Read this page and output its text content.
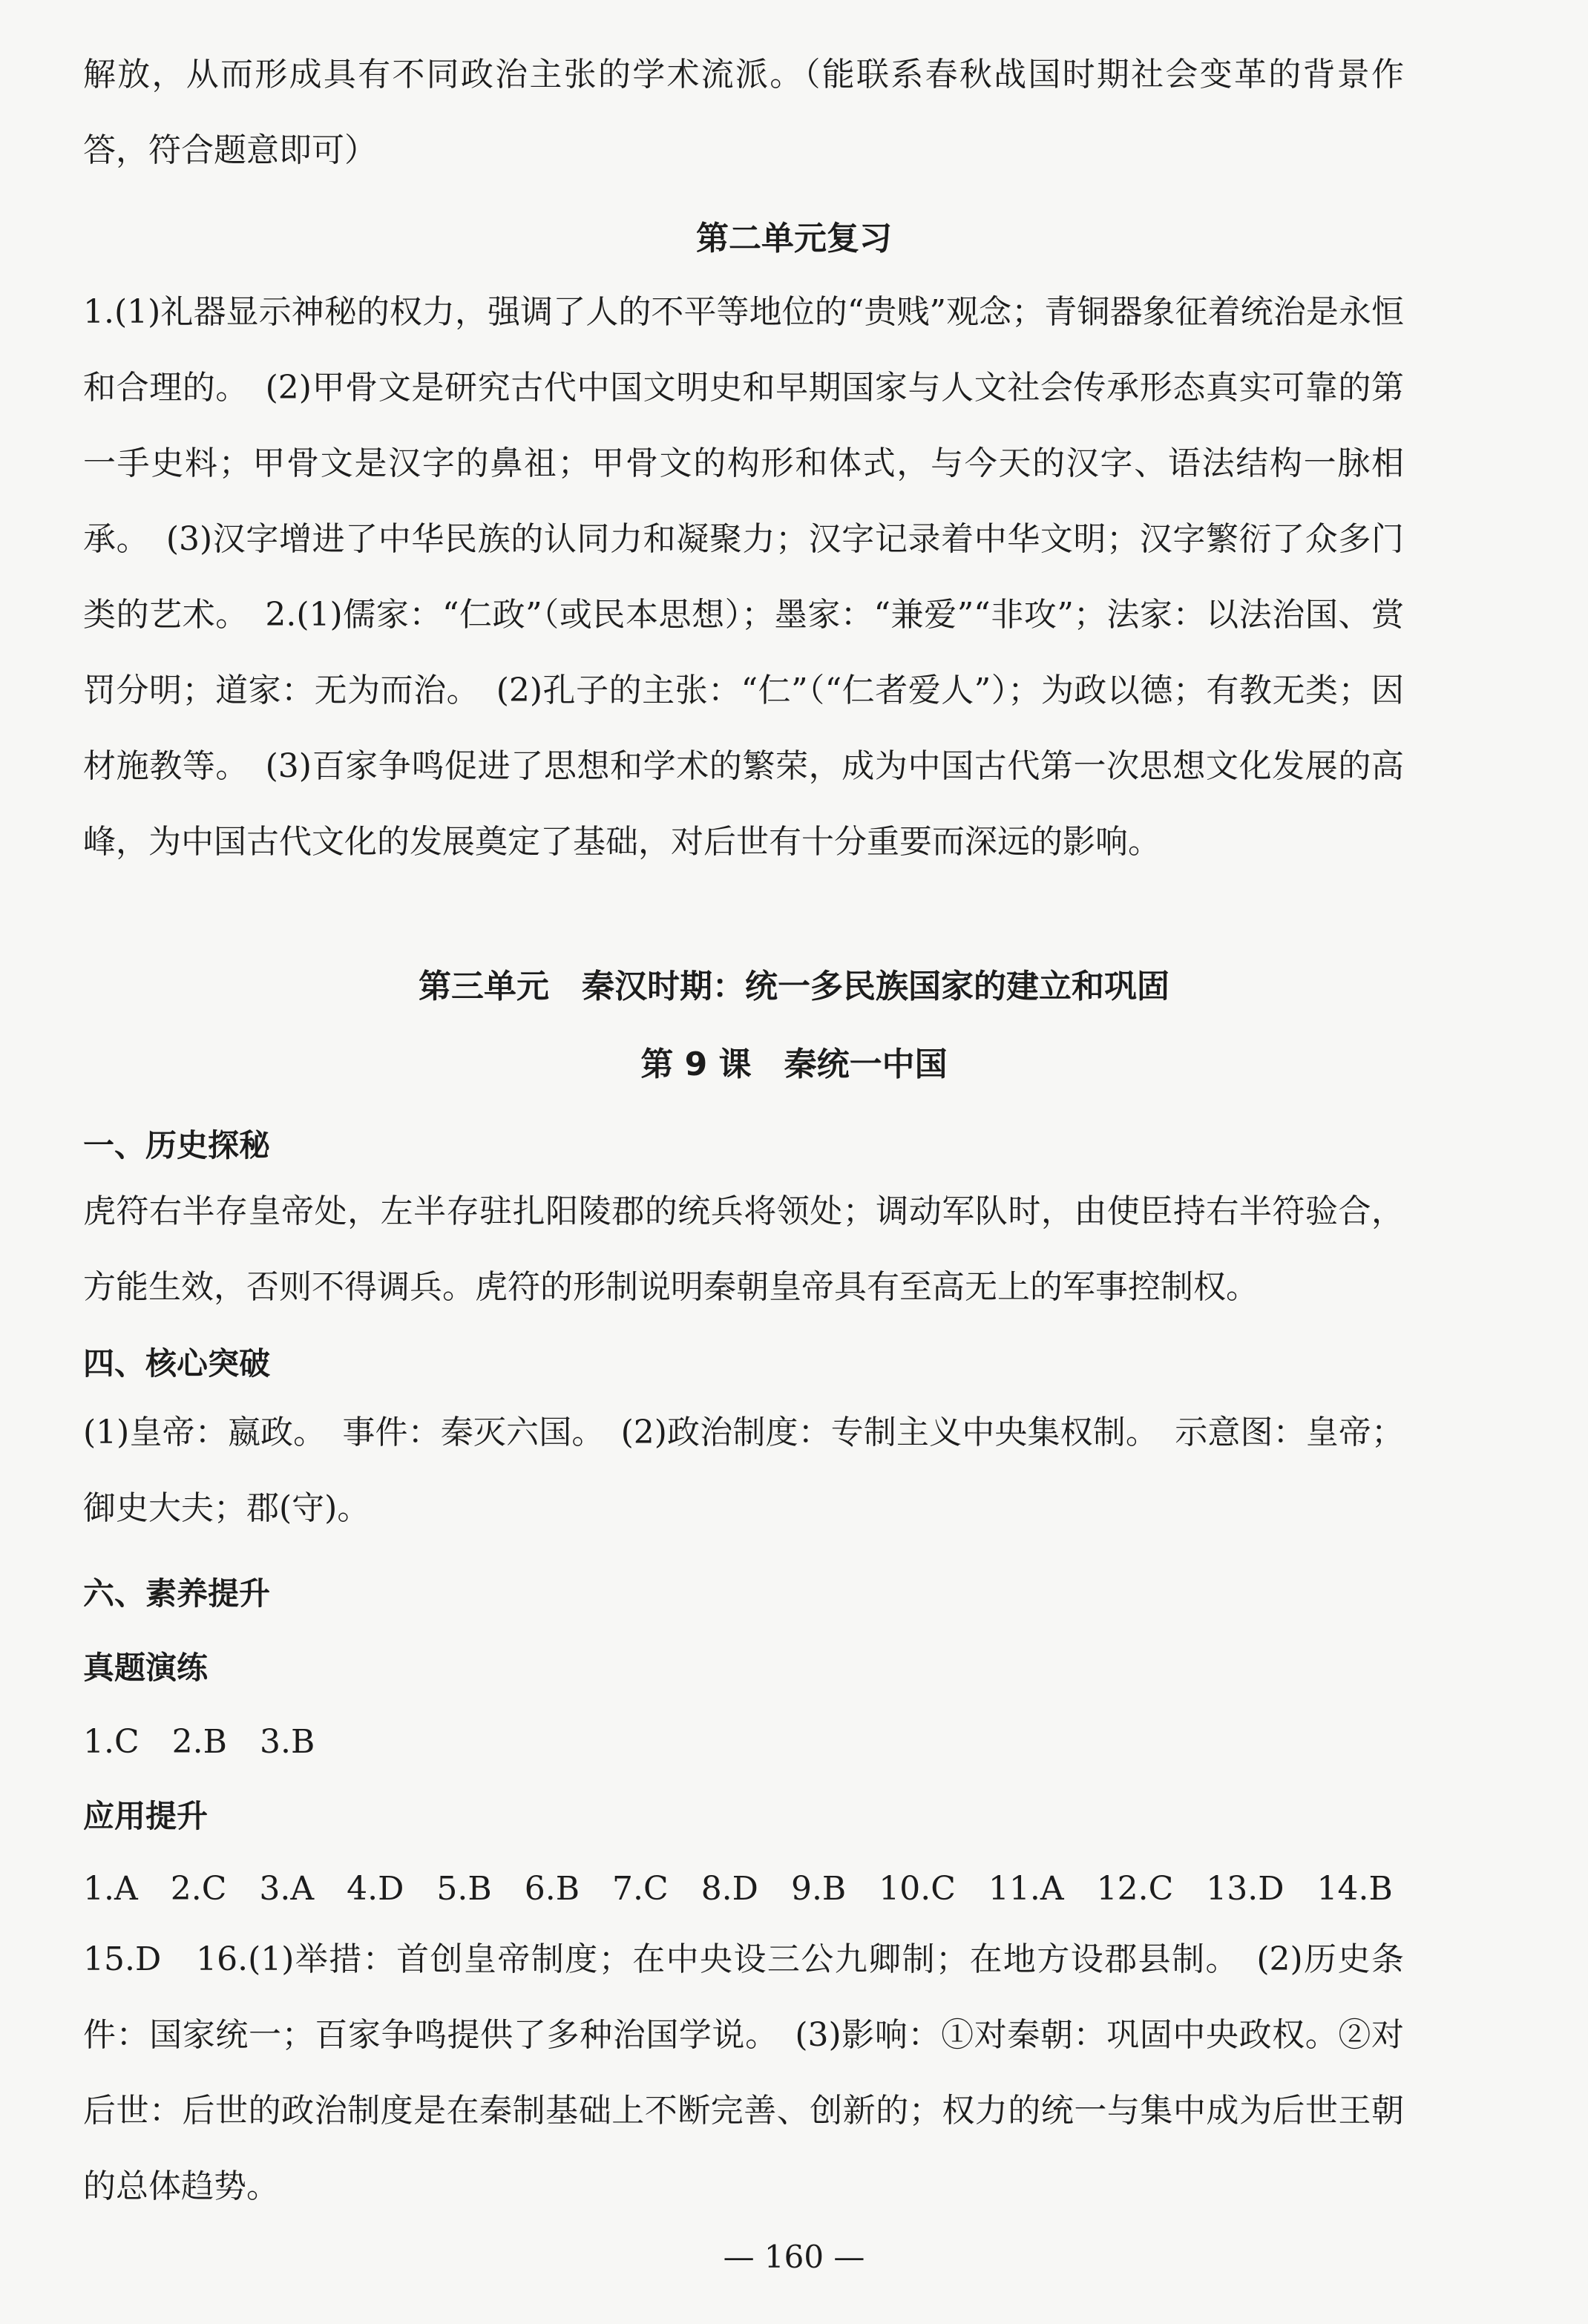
解放，从而形成具有不同政治主张的学术流派。（能联系春秋战国时期社会变革的背景作答，符合题意即可）

第二单元复习

1.(1)礼器显示神秘的权力，强调了人的不平等地位的“贵贱”观念；青铜器象征着统治是永恒和合理的。　(2)甲骨文是研究古代中国文明史和早期国家与人文社会传承形态真实可靠的第一手史料；甲骨文是汉字的鼻祖；甲骨文的构形和体式，与今天的汉字、语法结构一脉相承。　(3)汉字增进了中华民族的认同力和凝聚力；汉字记录着中华文明；汉字繁衍了众多门类的艺术。　2.(1)儒家：“仁政”（或民本思想）；墨家：“兼爱”“非攻”；法家：以法治国、赏罚分明；道家：无为而治。　(2)孔子的主张：“仁”（“仁者爱人”）；为政以德；有教无类；因材施教等。　(3)百家争鸣促进了思想和学术的繁荣，成为中国古代第一次思想文化发展的高峰，为中国古代文化的发展奠定了基础，对后世有十分重要而深远的影响。

第三单元　秦汉时期：统一多民族国家的建立和巩固
第 9 课　秦统一中国
一、历史探秘

虎符右半存皇帝处，左半存驻扎阳陵郡的统兵将领处；调动军队时，由使臣持右半符验合，方能生效，否则不得调兵。虎符的形制说明秦朝皇帝具有至高无上的军事控制权。

四、核心突破

(1)皇帝：嬴政。　事件：秦灭六国。　(2)政治制度：专制主义中央集权制。　示意图：皇帝；御史大夫；郡(守)。

六、素养提升
真题演练
1.C　2.B　3.B
应用提升
1.A　2.C　3.A　4.D　5.B　6.B　7.C　8.D　9.B　10.C　11.A　12.C　13.D　14.B

15.D　16.(1)举措：首创皇帝制度；在中央设三公九卿制；在地方设郡县制。　(2)历史条件：国家统一；百家争鸣提供了多种治国学说。　(3)影响：①对秦朝：巩固中央政权。②对后世：后世的政治制度是在秦制基础上不断完善、创新的；权力的统一与集中成为后世王朝的总体趋势。

— 160 —
